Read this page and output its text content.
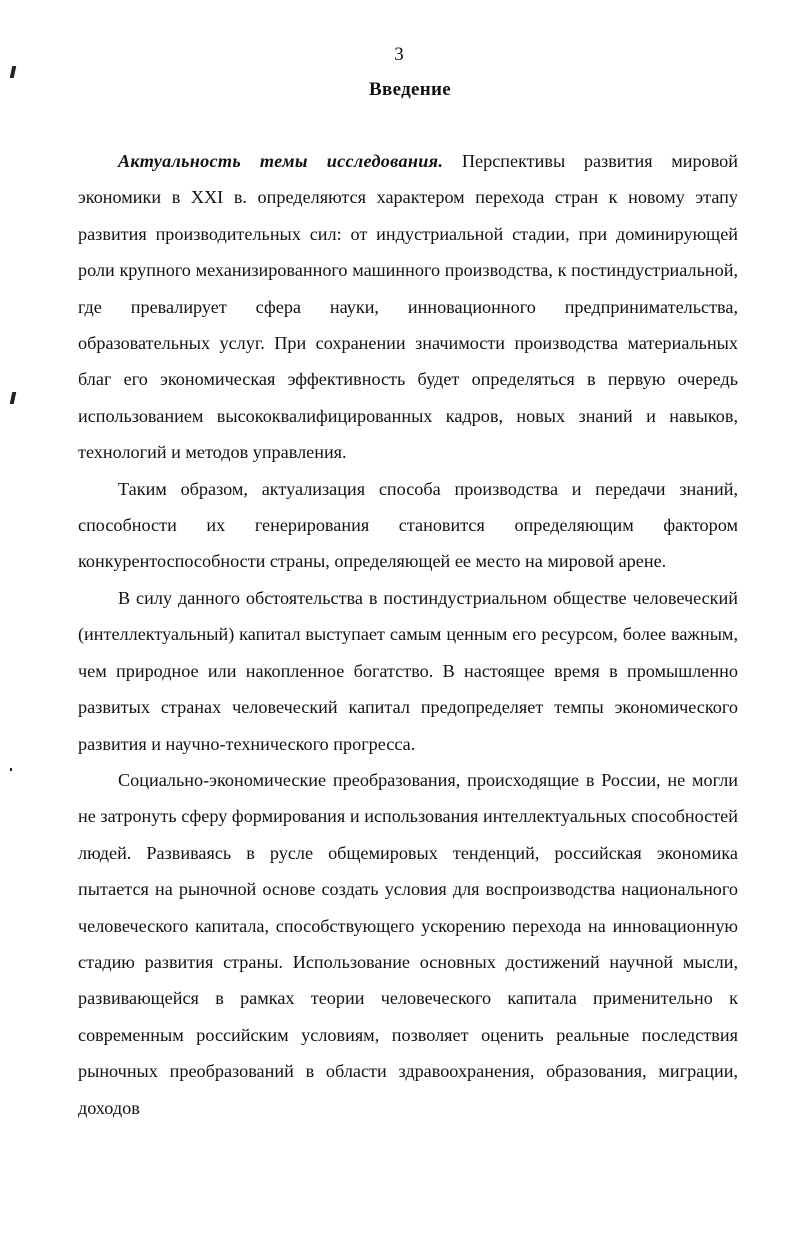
3
Введение

Актуальность темы исследования. Перспективы развития мировой экономики в XXI в. определяются характером перехода стран к новому этапу развития производительных сил: от индустриальной стадии, при доминирующей роли крупного механизированного машинного производства, к постиндустриальной, где превалирует сфера науки, инновационного предпринимательства, образовательных услуг. При сохранении значимости производства материальных благ его экономическая эффективность будет определяться в первую очередь использованием высококвалифицированных кадров, новых знаний и навыков, технологий и методов управления.

Таким образом, актуализация способа производства и передачи знаний, способности их генерирования становится определяющим фактором конкурентоспособности страны, определяющей ее место на мировой арене.

В силу данного обстоятельства в постиндустриальном обществе человеческий (интеллектуальный) капитал выступает самым ценным его ресурсом, более важным, чем природное или накопленное богатство. В настоящее время в промышленно развитых странах человеческий капитал предопределяет темпы экономического развития и научно-технического прогресса.

Социально-экономические преобразования, происходящие в России, не могли не затронуть сферу формирования и использования интеллектуальных способностей людей. Развиваясь в русле общемировых тенденций, российская экономика пытается на рыночной основе создать условия для воспроизводства национального человеческого капитала, способствующего ускорению перехода на инновационную стадию развития страны. Использование основных достижений научной мысли, развивающейся в рамках теории человеческого капитала применительно к современным российским условиям, позволяет оценить реальные последствия рыночных преобразований в области здравоохранения, образования, миграции, доходов
